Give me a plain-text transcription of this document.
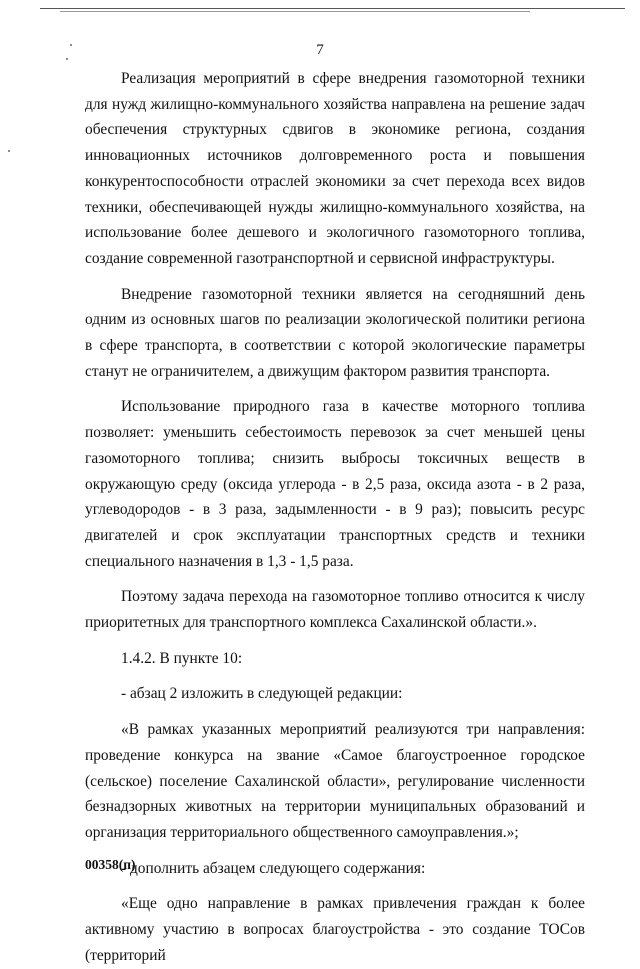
7

Реализация мероприятий в сфере внедрения газомоторной техники для нужд жилищно-коммунального хозяйства направлена на решение задач обеспечения структурных сдвигов в экономике региона, создания инновационных источников долговременного роста и повышения конкурентоспособности отраслей экономики за счет перехода всех видов техники, обеспечивающей нужды жилищно-коммунального хозяйства, на использование более дешевого и экологичного газомоторного топлива, создание современной газотранспортной и сервисной инфраструктуры.

Внедрение газомоторной техники является на сегодняшний день одним из основных шагов по реализации экологической политики региона в сфере транспорта, в соответствии с которой экологические параметры станут не ограничителем, а движущим фактором развития транспорта.

Использование природного газа в качестве моторного топлива позволяет: уменьшить себестоимость перевозок за счет меньшей цены газомоторного топлива; снизить выбросы токсичных веществ в окружающую среду (оксида углерода - в 2,5 раза, оксида азота - в 2 раза, углеводородов - в 3 раза, задымленности - в 9 раз); повысить ресурс двигателей и срок эксплуатации транспортных средств и техники специального назначения в 1,3 - 1,5 раза.

Поэтому задача перехода на газомоторное топливо относится к числу приоритетных для транспортного комплекса Сахалинской области.».

1.4.2. В пункте 10:

- абзац 2 изложить в следующей редакции:

«В рамках указанных мероприятий реализуются три направления: проведение конкурса на звание «Самое благоустроенное городское (сельское) поселение Сахалинской области», регулирование численности безнадзорных животных на территории муниципальных образований и организация территориального общественного самоуправления.»;

- дополнить абзацем следующего содержания:

«Еще одно направление в рамках привлечения граждан к более активному участию в вопросах благоустройства - это создание ТОСов (территорий

00358(п)
